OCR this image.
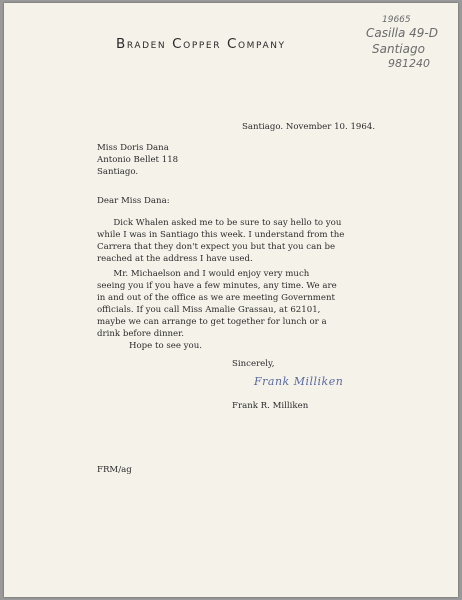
Braden Copper Company
19665
Casilla 49-D
Santiago
981240
Santiago. November 10. 1964.
Miss Doris Dana
Antonio Bellet 118
Santiago.
Dear Miss Dana:
Dick Whalen asked me to be sure to say hello to you
while I was in Santiago this week. I understand from the
Carrera that they don't expect you but that you can be
reached at the address I have used.
Mr. Michaelson and I would enjoy very much
seeing you if you have a few minutes, any time. We are
in and out of the office as we are meeting Government
officials. If you call Miss Amalie Grassau, at 62101,
maybe we can arrange to get together for lunch or a
drink before dinner.
Hope to see you.
Sincerely,
Frank Milliken
Frank R. Milliken
FRM/ag
